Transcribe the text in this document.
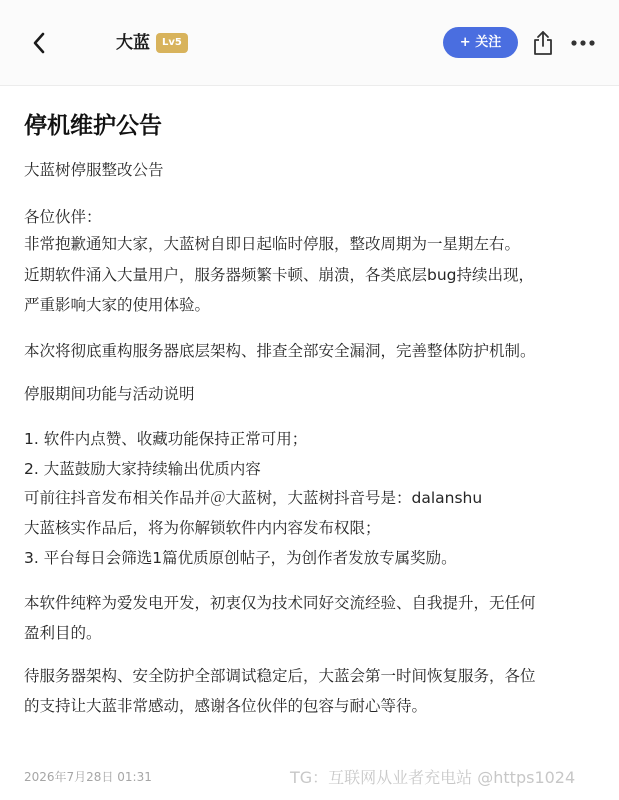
大蓝	Lv5	+ 关注
停机维护公告
大蓝树停服整改公告
各位伙伴：
非常抱歉通知大家，大蓝树自即日起临时停服，整改周期为一星期左右。
近期软件涌入大量用户，服务器频繁卡顿、崩溃，各类底层bug持续出现，
严重影响大家的使用体验。
本次将彻底重构服务器底层架构、排查全部安全漏洞，完善整体防护机制。
停服期间功能与活动说明
1. 软件内点赞、收藏功能保持正常可用；
2. 大蓝鼓励大家持续输出优质内容
可前往抖音发布相关作品并＠大蓝树，大蓝树抖音号是：dalanshu
大蓝核实作品后，将为你解锁软件内内容发布权限；
3. 平台每日会筛选1篇优质原创帖子，为创作者发放专属奖励。
本软件纯粹为爱发电开发，初衷仅为技术同好交流经验、自我提升，无任何
盈利目的。
待服务器架构、安全防护全部调试稳定后，大蓝会第一时间恢复服务，各位
的支持让大蓝非常感动，感谢各位伙伴的包容与耐心等待。
2026年7月28日 01:31	TG：互联网从业者充电站 @https1024
